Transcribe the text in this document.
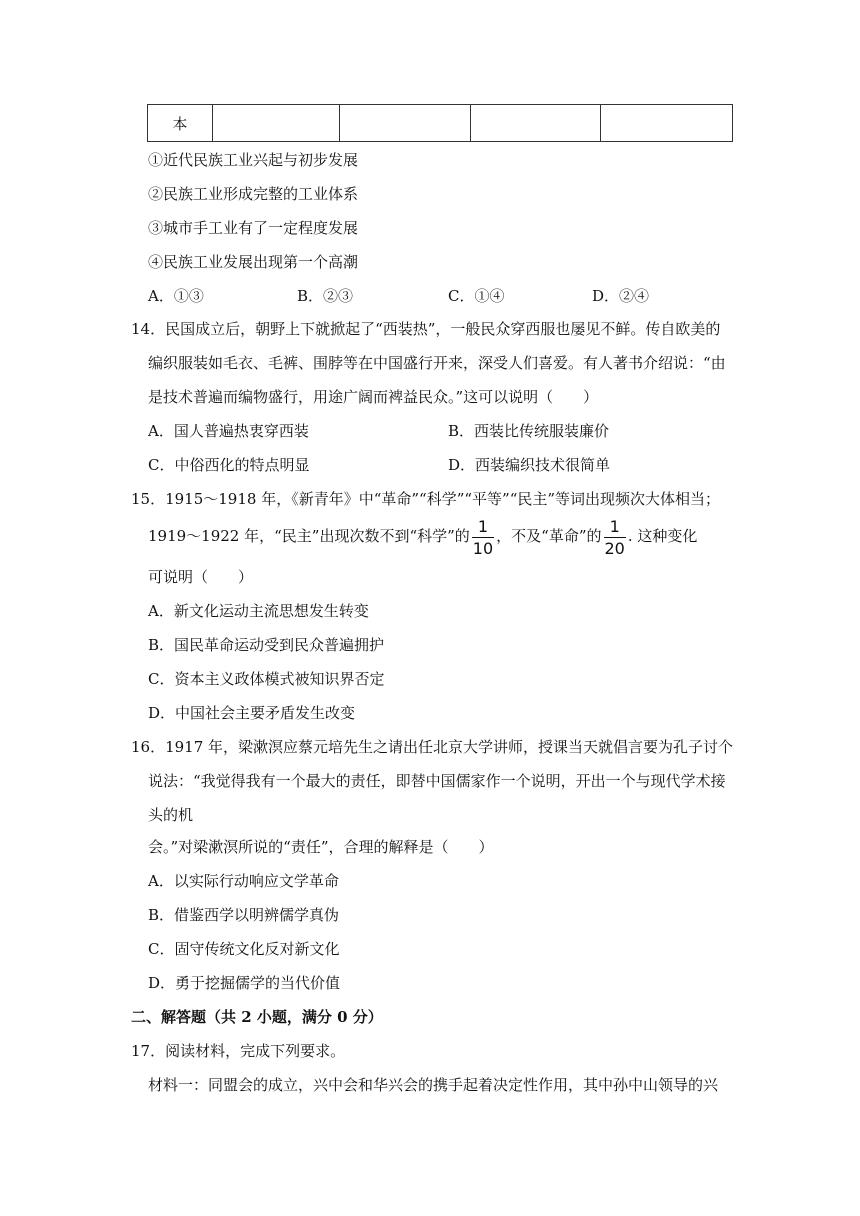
本				
①近代民族工业兴起与初步发展
②民族工业形成完整的工业体系
③城市手工业有了一定程度发展
④民族工业发展出现第一个高潮
A．①③	B．②③	C．①④	D．②④
14．民国成立后，朝野上下就掀起了“西装热”，一般民众穿西服也屡见不鲜。传自欧美的
编织服装如毛衣、毛裤、围脖等在中国盛行开来，深受人们喜爱。有人著书介绍说：“由
是技术普遍而编物盛行，用途广阔而裨益民众。”这可以说明（　　）
A．国人普遍热衷穿西装	B．西装比传统服装廉价
C．中俗西化的特点明显	D．西装编织技术很简单
15．1915～1918 年，《新青年》中“革命”“科学”“平等”“民主”等词出现频次大体相当；
1919～1922 年，“民主”出现次数不到“科学”的 $\frac{1}{10}$ ，不及“革命”的 $\frac{1}{20}$ . 这种变化
可说明（　　）
A．新文化运动主流思想发生转变
B．国民革命运动受到民众普遍拥护
C．资本主义政体模式被知识界否定
D．中国社会主要矛盾发生改变
16．1917 年，梁漱溟应蔡元培先生之请出任北京大学讲师，授课当天就倡言要为孔子讨个
说法：“我觉得我有一个最大的责任，即替中国儒家作一个说明，开出一个与现代学术接
头的机
会。”对梁漱溟所说的“责任”，合理的解释是（　　）
A．以实际行动响应文学革命
B．借鉴西学以明辨儒学真伪
C．固守传统文化反对新文化
D．勇于挖掘儒学的当代价值
二、解答题（共 2 小题，满分 0 分）
17．阅读材料，完成下列要求。
材料一：同盟会的成立，兴中会和华兴会的携手起着决定性作用，其中孙中山领导的兴
